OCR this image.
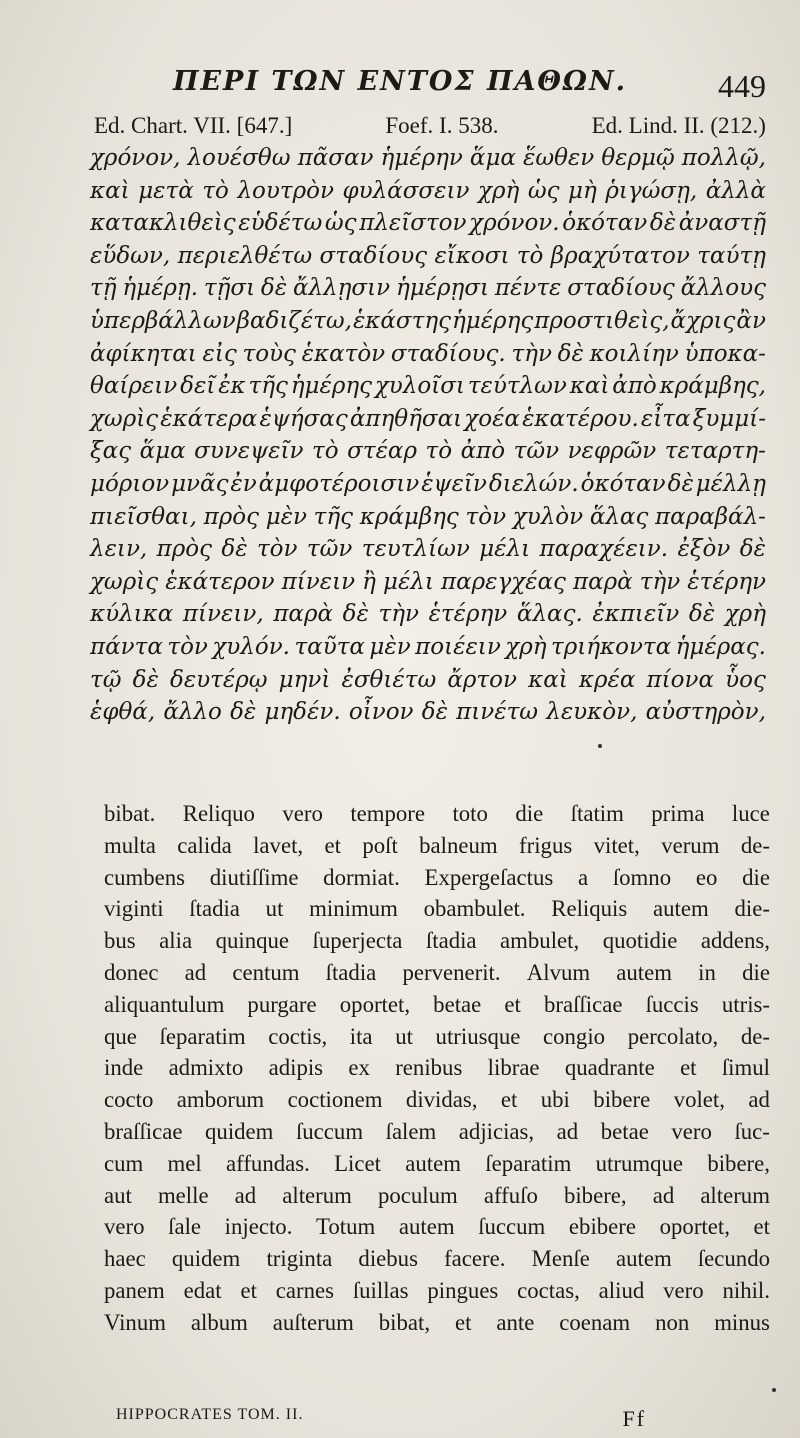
ΠΕΡΙ ΤΩΝ ΕΝΤΟΣ ΠΑΘΩΝ.	449
Ed. Chart. VII. [647.]	Foef. I. 538.	Ed. Lind. II. (212.)
χρόνον, λουέσθω πᾶσαν ἡμέρην ἅμα ἕωθεν θερμῷ πολλῷ,
καὶ μετὰ τὸ λουτρὸν φυλάσσειν χρὴ ὡς μὴ ῥιγώσῃ, ἀλλὰ
κατακλιθεὶς εὑδέτω ὡς πλεῖστον χρόνον. ὁκόταν δὲ ἀναστῇ
εὕδων, περιελθέτω σταδίους εἴκοσι τὸ βραχύτατον ταύτῃ
τῇ ἡμέρῃ. τῇσι δὲ ἄλλῃσιν ἡμέρῃσι πέντε σταδίους ἄλλους
ὑπερβάλλων βαδιζέτω, ἑκάστης ἡμέρης προστιθεὶς, ἄχρις ἂν
ἀφίκηται εἰς τοὺς ἑκατὸν σταδίους. τὴν δὲ κοιλίην ὑποκα-
θαίρειν δεῖ ἐκ τῆς ἡμέρης χυλοῖσι τεύτλων καὶ ἀπὸ κράμβης,
χωρὶς ἑκάτερα ἑψήσας ἀπηθῆσαι χοέα ἑκατέρου. εἶτα ξυμμί-
ξας ἅμα συνεψεῖν τὸ στέαρ τὸ ἀπὸ τῶν νεφρῶν τεταρτη-
μόριον μνᾶς ἐν ἀμφοτέροισιν ἑψεῖν διελών. ὁκόταν δὲ μέλλῃ
πιεῖσθαι, πρὸς μὲν τῆς κράμβης τὸν χυλὸν ἅλας παραβάλ-
λειν, πρὸς δὲ τὸν τῶν τευτλίων μέλι παραχέειν. ἐξὸν δὲ
χωρὶς ἑκάτερον πίνειν ἢ μέλι παρεγχέας παρὰ τὴν ἑτέρην
κύλικα πίνειν, παρὰ δὲ τὴν ἑτέρην ἅλας. ἐκπιεῖν δὲ χρὴ
πάντα τὸν χυλόν. ταῦτα μὲν ποιέειν χρὴ τριήκοντα ἡμέρας.
τῷ δὲ δευτέρῳ μηνὶ ἐσθιέτω ἄρτον καὶ κρέα πίονα ὗος
ἑφθά, ἄλλο δὲ μηδέν. οἶνον δὲ πινέτω λευκὸν, αὐστηρὸν,
bibat. Reliquo vero tempore toto die ſtatim prima luce
multa calida lavet, et poſt balneum frigus vitet, verum de-
cumbens diutiſſime dormiat. Expergeſactus a ſomno eo die
viginti ſtadia ut minimum obambulet. Reliquis autem die-
bus alia quinque ſuperjecta ſtadia ambulet, quotidie addens,
donec ad centum ſtadia pervenerit. Alvum autem in die
aliquantulum purgare oportet, betae et braſſicae ſuccis utris-
que ſeparatim coctis, ita ut utriusque congio percolato, de-
inde admixto adipis ex renibus librae quadrante et ſimul
cocto amborum coctionem dividas, et ubi bibere volet, ad
braſſicae quidem ſuccum ſalem adjicias, ad betae vero ſuc-
cum mel affundas. Licet autem ſeparatim utrumque bibere,
aut melle ad alterum poculum affuſo bibere, ad alterum
vero ſale injecto. Totum autem ſuccum ebibere oportet, et
haec quidem triginta diebus facere. Menſe autem ſecundo
panem edat et carnes ſuillas pingues coctas, aliud vero nihil.
Vinum album auſterum bibat, et ante coenam non minus
HIPPOCRATES TOM. II.	Ff
